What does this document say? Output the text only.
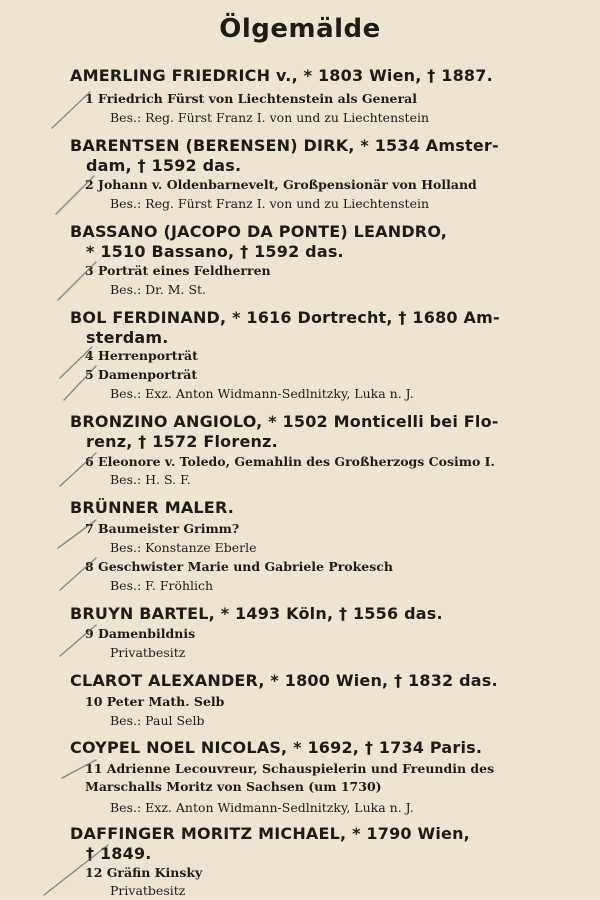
Ölgemälde
AMERLING FRIEDRICH v., * 1803 Wien, † 1887.
1 Friedrich Fürst von Liechtenstein als General
Bes.: Reg. Fürst Franz I. von und zu Liechtenstein
BARENTSEN (BERENSEN) DIRK, * 1534 Amster-
dam, † 1592 das.
2 Johann v. Oldenbarnevelt, Großpensionär von Holland
Bes.: Reg. Fürst Franz I. von und zu Liechtenstein
BASSANO (JACOPO DA PONTE) LEANDRO,
* 1510 Bassano, † 1592 das.
3 Porträt eines Feldherren
Bes.: Dr. M. St.
BOL FERDINAND, * 1616 Dortrecht, † 1680 Am-
sterdam.
4 Herrenporträt
5 Damenporträt
Bes.: Exz. Anton Widmann-Sedlnitzky, Luka n. J.
BRONZINO ANGIOLO, * 1502 Monticelli bei Flo-
renz, † 1572 Florenz.
6 Eleonore v. Toledo, Gemahlin des Großherzogs Cosimo I.
Bes.: H. S. F.
BRÜNNER MALER.
7 Baumeister Grimm?
Bes.: Konstanze Eberle
8 Geschwister Marie und Gabriele Prokesch
Bes.: F. Fröhlich
BRUYN BARTEL, * 1493 Köln, † 1556 das.
9 Damenbildnis
Privatbesitz
CLAROT ALEXANDER, * 1800 Wien, † 1832 das.
10 Peter Math. Selb
Bes.: Paul Selb
COYPEL NOEL NICOLAS, * 1692, † 1734 Paris.
11 Adrienne Lecouvreur, Schauspielerin und Freundin des Marschalls Moritz von Sachsen (um 1730)
Bes.: Exz. Anton Widmann-Sedlnitzky, Luka n. J.
DAFFINGER MORITZ MICHAEL, * 1790 Wien,
† 1849.
12 Gräfin Kinsky
Privatbesitz
